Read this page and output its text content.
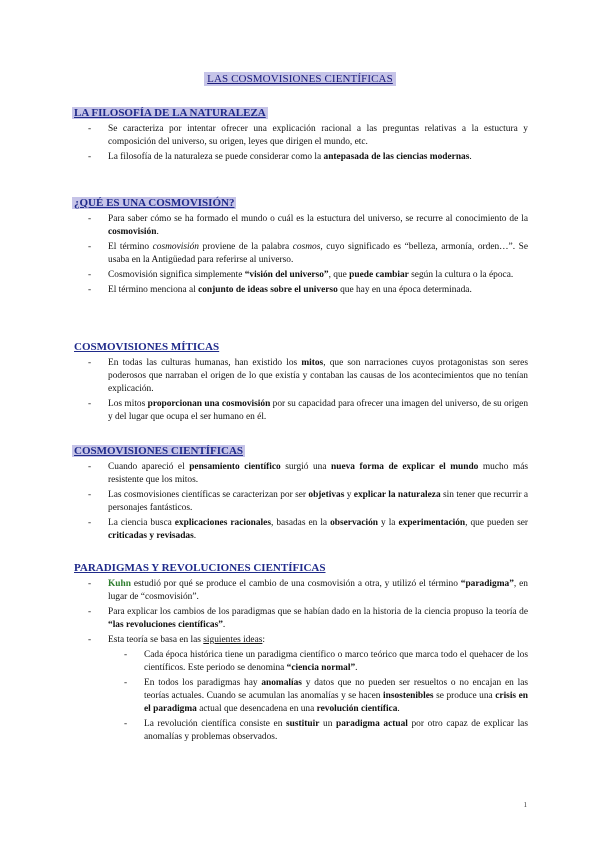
LAS COSMOVISIONES CIENTÍFICAS
LA FILOSOFÍA DE LA NATURALEZA
- Se caracteriza por intentar ofrecer una explicación racional a las preguntas relativas a la estuctura y composición del universo, su origen, leyes que dirigen el mundo, etc.
- La filosofía de la naturaleza se puede considerar como la antepasada de las ciencias modernas.
¿QUÉ ES UNA COSMOVISIÓN?
- Para saber cómo se ha formado el mundo o cuál es la estuctura del universo, se recurre al conocimiento de la cosmovisión.
- El término cosmovisión proviene de la palabra cosmos, cuyo significado es “belleza, armonía, orden…”. Se usaba en la Antigüedad para referirse al universo.
- Cosmovisión significa simplemente “visión del universo”, que puede cambiar según la cultura o la época.
- El término menciona al conjunto de ideas sobre el universo que hay en una época determinada.
COSMOVISIONES MÍTICAS
- En todas las culturas humanas, han existido los mitos, que son narraciones cuyos protagonistas son seres poderosos que narraban el origen de lo que existía y contaban las causas de los acontecimientos que no tenían explicación.
- Los mitos proporcionan una cosmovisión por su capacidad para ofrecer una imagen del universo, de su origen y del lugar que ocupa el ser humano en él.
COSMOVISIONES CIENTÍFICAS
- Cuando apareció el pensamiento científico surgió una nueva forma de explicar el mundo mucho más resistente que los mitos.
- Las cosmovisiones científicas se caracterizan por ser objetivas y explicar la naturaleza sin tener que recurrir a personajes fantásticos.
- La ciencia busca explicaciones racionales, basadas en la observación y la experimentación, que pueden ser criticadas y revisadas.
PARADIGMAS Y REVOLUCIONES CIENTÍFICAS
- Kuhn estudió por qué se produce el cambio de una cosmovisión a otra, y utilizó el término “paradigma”, en lugar de “cosmovisión”.
- Para explicar los cambios de los paradigmas que se habían dado en la historia de la ciencia propuso la teoría de “las revoluciones científicas”.
- Esta teoría se basa en las siguientes ideas:
- Cada época histórica tiene un paradigma científico o marco teórico que marca todo el quehacer de los científicos. Este periodo se denomina “ciencia normal”.
- En todos los paradigmas hay anomalías y datos que no pueden ser resueltos o no encajan en las teorías actuales. Cuando se acumulan las anomalías y se hacen insostenibles se produce una crisis en el paradigma actual que desencadena en una revolución científica.
- La revolución científica consiste en sustituir un paradigma actual por otro capaz de explicar las anomalías y problemas observados.
1
